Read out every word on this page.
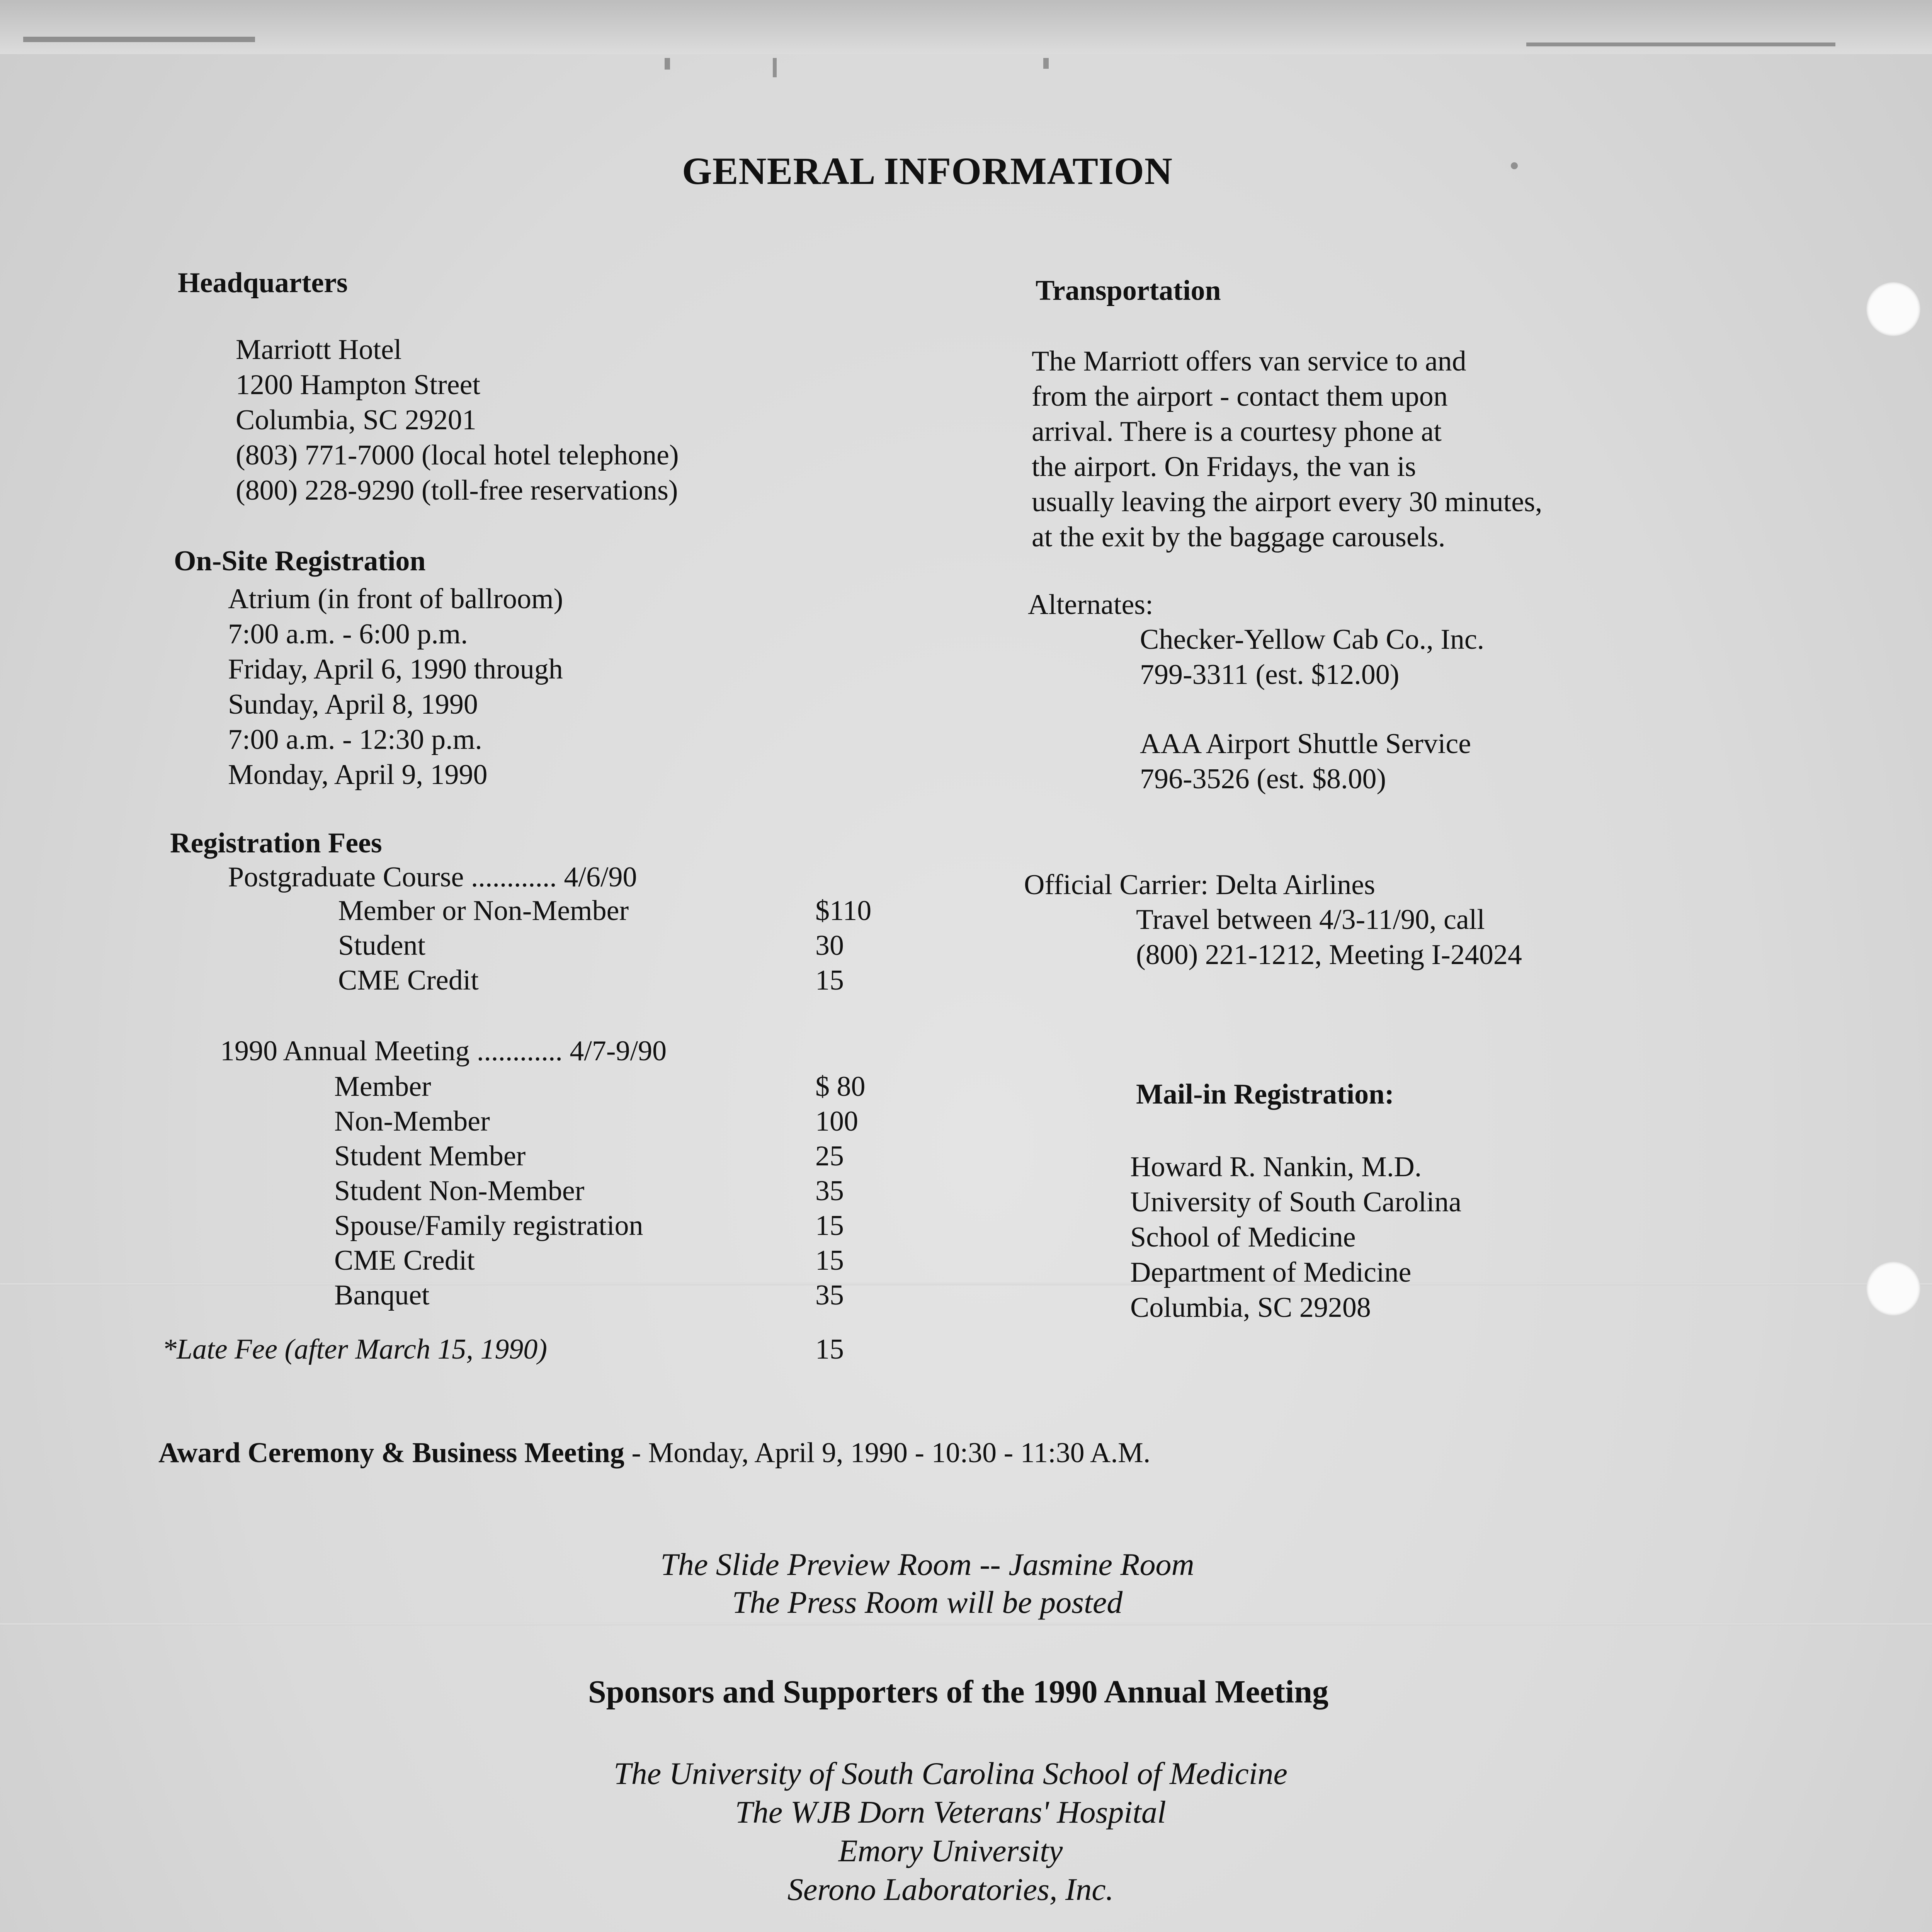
GENERAL INFORMATION
Headquarters
Marriott Hotel
1200 Hampton Street
Columbia, SC 29201
(803) 771-7000 (local hotel telephone)
(800) 228-9290 (toll-free reservations)
On-Site Registration
Atrium (in front of ballroom)
7:00 a.m. - 6:00 p.m.
Friday, April 6, 1990 through
Sunday, April 8, 1990
7:00 a.m. - 12:30 p.m.
Monday, April 9, 1990
Registration Fees
Postgraduate Course ............ 4/6/90
Member or Non-Member	$110
Student	30
CME Credit	15
1990 Annual Meeting ............ 4/7-9/90
Member	$ 80
Non-Member	100
Student Member	25
Student Non-Member	35
Spouse/Family registration	15
CME Credit	15
Banquet	35
*Late Fee (after March 15, 1990)	15
Transportation
The Marriott offers van service to and
from the airport - contact them upon
arrival. There is a courtesy phone at
the airport. On Fridays, the van is
usually leaving the airport every 30 minutes,
at the exit by the baggage carousels.
Alternates:
Checker-Yellow Cab Co., Inc.
799-3311 (est. $12.00)
AAA Airport Shuttle Service
796-3526 (est. $8.00)
Official Carrier: Delta Airlines
Travel between 4/3-11/90, call
(800) 221-1212, Meeting I-24024
Mail-in Registration:
Howard R. Nankin, M.D.
University of South Carolina
School of Medicine
Department of Medicine
Columbia, SC 29208
Award Ceremony & Business Meeting - Monday, April 9, 1990 - 10:30 - 11:30 A.M.
The Slide Preview Room -- Jasmine Room
The Press Room will be posted
Sponsors and Supporters of the 1990 Annual Meeting
The University of South Carolina School of Medicine
The WJB Dorn Veterans' Hospital
Emory University
Serono Laboratories, Inc.
